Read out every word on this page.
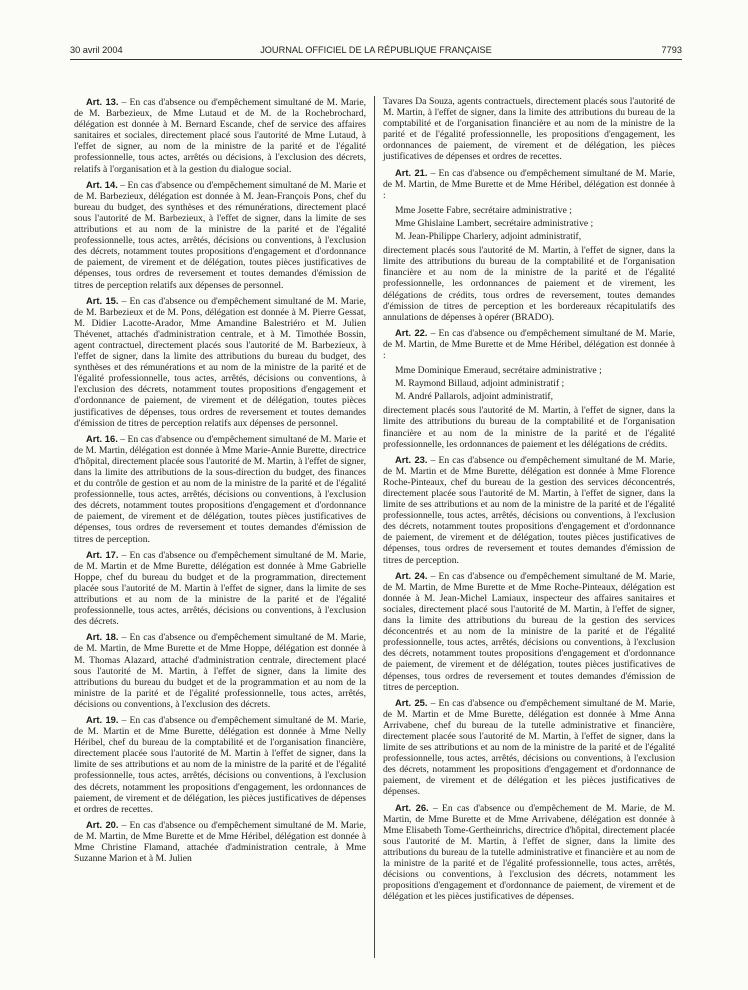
30 avril 2004	JOURNAL OFFICIEL DE LA RÉPUBLIQUE FRANÇAISE	7793

Art. 13. – En cas d'absence ou d'empêchement simultané de M. Marie, de M. Barbezieux, de Mme Lutaud et de M. de la Rochebrochard, délégation est donnée à M. Bernard Escande, chef de service des affaires sanitaires et sociales, directement placé sous l'autorité de Mme Lutaud, à l'effet de signer, au nom de la ministre de la parité et de l'égalité professionnelle, tous actes, arrêtés ou décisions, à l'exclusion des décrets, relatifs à l'organisation et à la gestion du dialogue social.

Art. 14. – En cas d'absence ou d'empêchement simultané de M. Marie et de M. Barbezieux, délégation est donnée à M. Jean-François Pons, chef du bureau du budget, des synthèses et des rémunérations, directement placé sous l'autorité de M. Barbezieux, à l'effet de signer, dans la limite de ses attributions et au nom de la ministre de la parité et de l'égalité professionnelle, tous actes, arrêtés, décisions ou conventions, à l'exclusion des décrets, notamment toutes propositions d'engagement et d'ordonnance de paiement, de virement et de délégation, toutes pièces justificatives de dépenses, tous ordres de reversement et toutes demandes d'émission de titres de perception relatifs aux dépenses de personnel.

Art. 15. – En cas d'absence ou d'empêchement simultané de M. Marie, de M. Barbezieux et de M. Pons, délégation est donnée à M. Pierre Gessat, M. Didier Lacotte-Arador, Mme Amandine Balestriéro et M. Julien Thévenet, attachés d'administration centrale, et à M. Timothée Bossin, agent contractuel, directement placés sous l'autorité de M. Barbezieux, à l'effet de signer, dans la limite des attributions du bureau du budget, des synthèses et des rémunérations et au nom de la ministre de la parité et de l'égalité professionnelle, tous actes, arrêtés, décisions ou conventions, à l'exclusion des décrets, notamment toutes propositions d'engagement et d'ordonnance de paiement, de virement et de délégation, toutes pièces justificatives de dépenses, tous ordres de reversement et toutes demandes d'émission de titres de perception relatifs aux dépenses de personnel.

Art. 16. – En cas d'absence ou d'empêchement simultané de M. Marie et de M. Martin, délégation est donnée à Mme Marie-Annie Burette, directrice d'hôpital, directement placée sous l'autorité de M. Martin, à l'effet de signer, dans la limite des attributions de la sous-direction du budget, des finances et du contrôle de gestion et au nom de la ministre de la parité et de l'égalité professionnelle, tous actes, arrêtés, décisions ou conventions, à l'exclusion des décrets, notamment toutes propositions d'engagement et d'ordonnance de paiement, de virement et de délégation, toutes pièces justificatives de dépenses, tous ordres de reversement et toutes demandes d'émission de titres de perception.

Art. 17. – En cas d'absence ou d'empêchement simultané de M. Marie, de M. Martin et de Mme Burette, délégation est donnée à Mme Gabrielle Hoppe, chef du bureau du budget et de la programmation, directement placée sous l'autorité de M. Martin à l'effet de signer, dans la limite de ses attributions et au nom de la ministre de la parité et de l'égalité professionnelle, tous actes, arrêtés, décisions ou conventions, à l'exclusion des décrets.

Art. 18. – En cas d'absence ou d'empêchement simultané de M. Marie, de M. Martin, de Mme Burette et de Mme Hoppe, délégation est donnée à M. Thomas Alazard, attaché d'administration centrale, directement placé sous l'autorité de M. Martin, à l'effet de signer, dans la limite des attributions du bureau du budget et de la programmation et au nom de la ministre de la parité et de l'égalité professionnelle, tous actes, arrêtés, décisions ou conventions, à l'exclusion des décrets.

Art. 19. – En cas d'absence ou d'empêchement simultané de M. Marie, de M. Martin et de Mme Burette, délégation est donnée à Mme Nelly Héribel, chef du bureau de la comptabilité et de l'organisation financière, directement placée sous l'autorité de M. Martin à l'effet de signer, dans la limite de ses attributions et au nom de la ministre de la parité et de l'égalité professionnelle, tous actes, arrêtés, décisions ou conventions, à l'exclusion des décrets, notamment les propositions d'engagement, les ordonnances de paiement, de virement et de délégation, les pièces justificatives de dépenses et ordres de recettes.

Art. 20. – En cas d'absence ou d'empêchement simultané de M. Marie, de M. Martin, de Mme Burette et de Mme Héribel, délégation est donnée à Mme Christine Flamand, attachée d'administration centrale, à Mme Suzanne Marion et à M. Julien

Tavares Da Souza, agents contractuels, directement placés sous l'autorité de M. Martin, à l'effet de signer, dans la limite des attributions du bureau de la comptabilité et de l'organisation financière et au nom de la ministre de la parité et de l'égalité professionnelle, les propositions d'engagement, les ordonnances de paiement, de virement et de délégation, les pièces justificatives de dépenses et ordres de recettes.

Art. 21. – En cas d'absence ou d'empêchement simultané de M. Marie, de M. Martin, de Mme Burette et de Mme Héribel, délégation est donnée à :

Mme Josette Fabre, secrétaire administrative ;

Mme Ghislaine Lambert, secrétaire administrative ;

M. Jean-Philippe Charlery, adjoint administratif,

directement placés sous l'autorité de M. Martin, à l'effet de signer, dans la limite des attributions du bureau de la comptabilité et de l'organisation financière et au nom de la ministre de la parité et de l'égalité professionnelle, les ordonnances de paiement et de virement, les délégations de crédits, tous ordres de reversement, toutes demandes d'émission de titres de perception et les bordereaux récapitulatifs des annulations de dépenses à opérer (BRADO).

Art. 22. – En cas d'absence ou d'empêchement simultané de M. Marie, de M. Martin, de Mme Burette et de Mme Héribel, délégation est donnée à :

Mme Dominique Emeraud, secrétaire administrative ;

M. Raymond Billaud, adjoint administratif ;

M. André Pallarols, adjoint administratif,

directement placés sous l'autorité de M. Martin, à l'effet de signer, dans la limite des attributions du bureau de la comptabilité et de l'organisation financière et au nom de la ministre de la parité et de l'égalité professionnelle, les ordonnances de paiement et les délégations de crédits.

Art. 23. – En cas d'absence ou d'empêchement simultané de M. Marie, de M. Martin et de Mme Burette, délégation est donnée à Mme Florence Roche-Pinteaux, chef du bureau de la gestion des services déconcentrés, directement placée sous l'autorité de M. Martin, à l'effet de signer, dans la limite de ses attributions et au nom de la ministre de la parité et de l'égalité professionnelle, tous actes, arrêtés, décisions ou conventions, à l'exclusion des décrets, notamment toutes propositions d'engagement et d'ordonnance de paiement, de virement et de délégation, toutes pièces justificatives de dépenses, tous ordres de reversement et toutes demandes d'émission de titres de perception.

Art. 24. – En cas d'absence ou d'empêchement simultané de M. Marie, de M. Martin, de Mme Burette et de Mme Roche-Pinteaux, délégation est donnée à M. Jean-Michel Lamiaux, inspecteur des affaires sanitaires et sociales, directement placé sous l'autorité de M. Martin, à l'effet de signer, dans la limite des attributions du bureau de la gestion des services déconcentrés et au nom de la ministre de la parité et de l'égalité professionnelle, tous actes, arrêtés, décisions ou conventions, à l'exclusion des décrets, notamment toutes propositions d'engagement et d'ordonnance de paiement, de virement et de délégation, toutes pièces justificatives de dépenses, tous ordres de reversement et toutes demandes d'émission de titres de perception.

Art. 25. – En cas d'absence ou d'empêchement simultané de M. Marie, de M. Martin et de Mme Burette, délégation est donnée à Mme Anna Arrivabene, chef du bureau de la tutelle administrative et financière, directement placée sous l'autorité de M. Martin, à l'effet de signer, dans la limite de ses attributions et au nom de la ministre de la parité et de l'égalité professionnelle, tous actes, arrêtés, décisions ou conventions, à l'exclusion des décrets, notamment les propositions d'engagement et d'ordonnance de paiement, de virement et de délégation et les pièces justificatives de dépenses.

Art. 26. – En cas d'absence ou d'empêchement de M. Marie, de M. Martin, de Mme Burette et de Mme Arrivabene, délégation est donnée à Mme Elisabeth Tome-Gertheinrichs, directrice d'hôpital, directement placée sous l'autorité de M. Martin, à l'effet de signer, dans la limite des attributions du bureau de la tutelle administrative et financière et au nom de la ministre de la parité et de l'égalité professionnelle, tous actes, arrêtés, décisions ou conventions, à l'exclusion des décrets, notamment les propositions d'engagement et d'ordonnance de paiement, de virement et de délégation et les pièces justificatives de dépenses.
